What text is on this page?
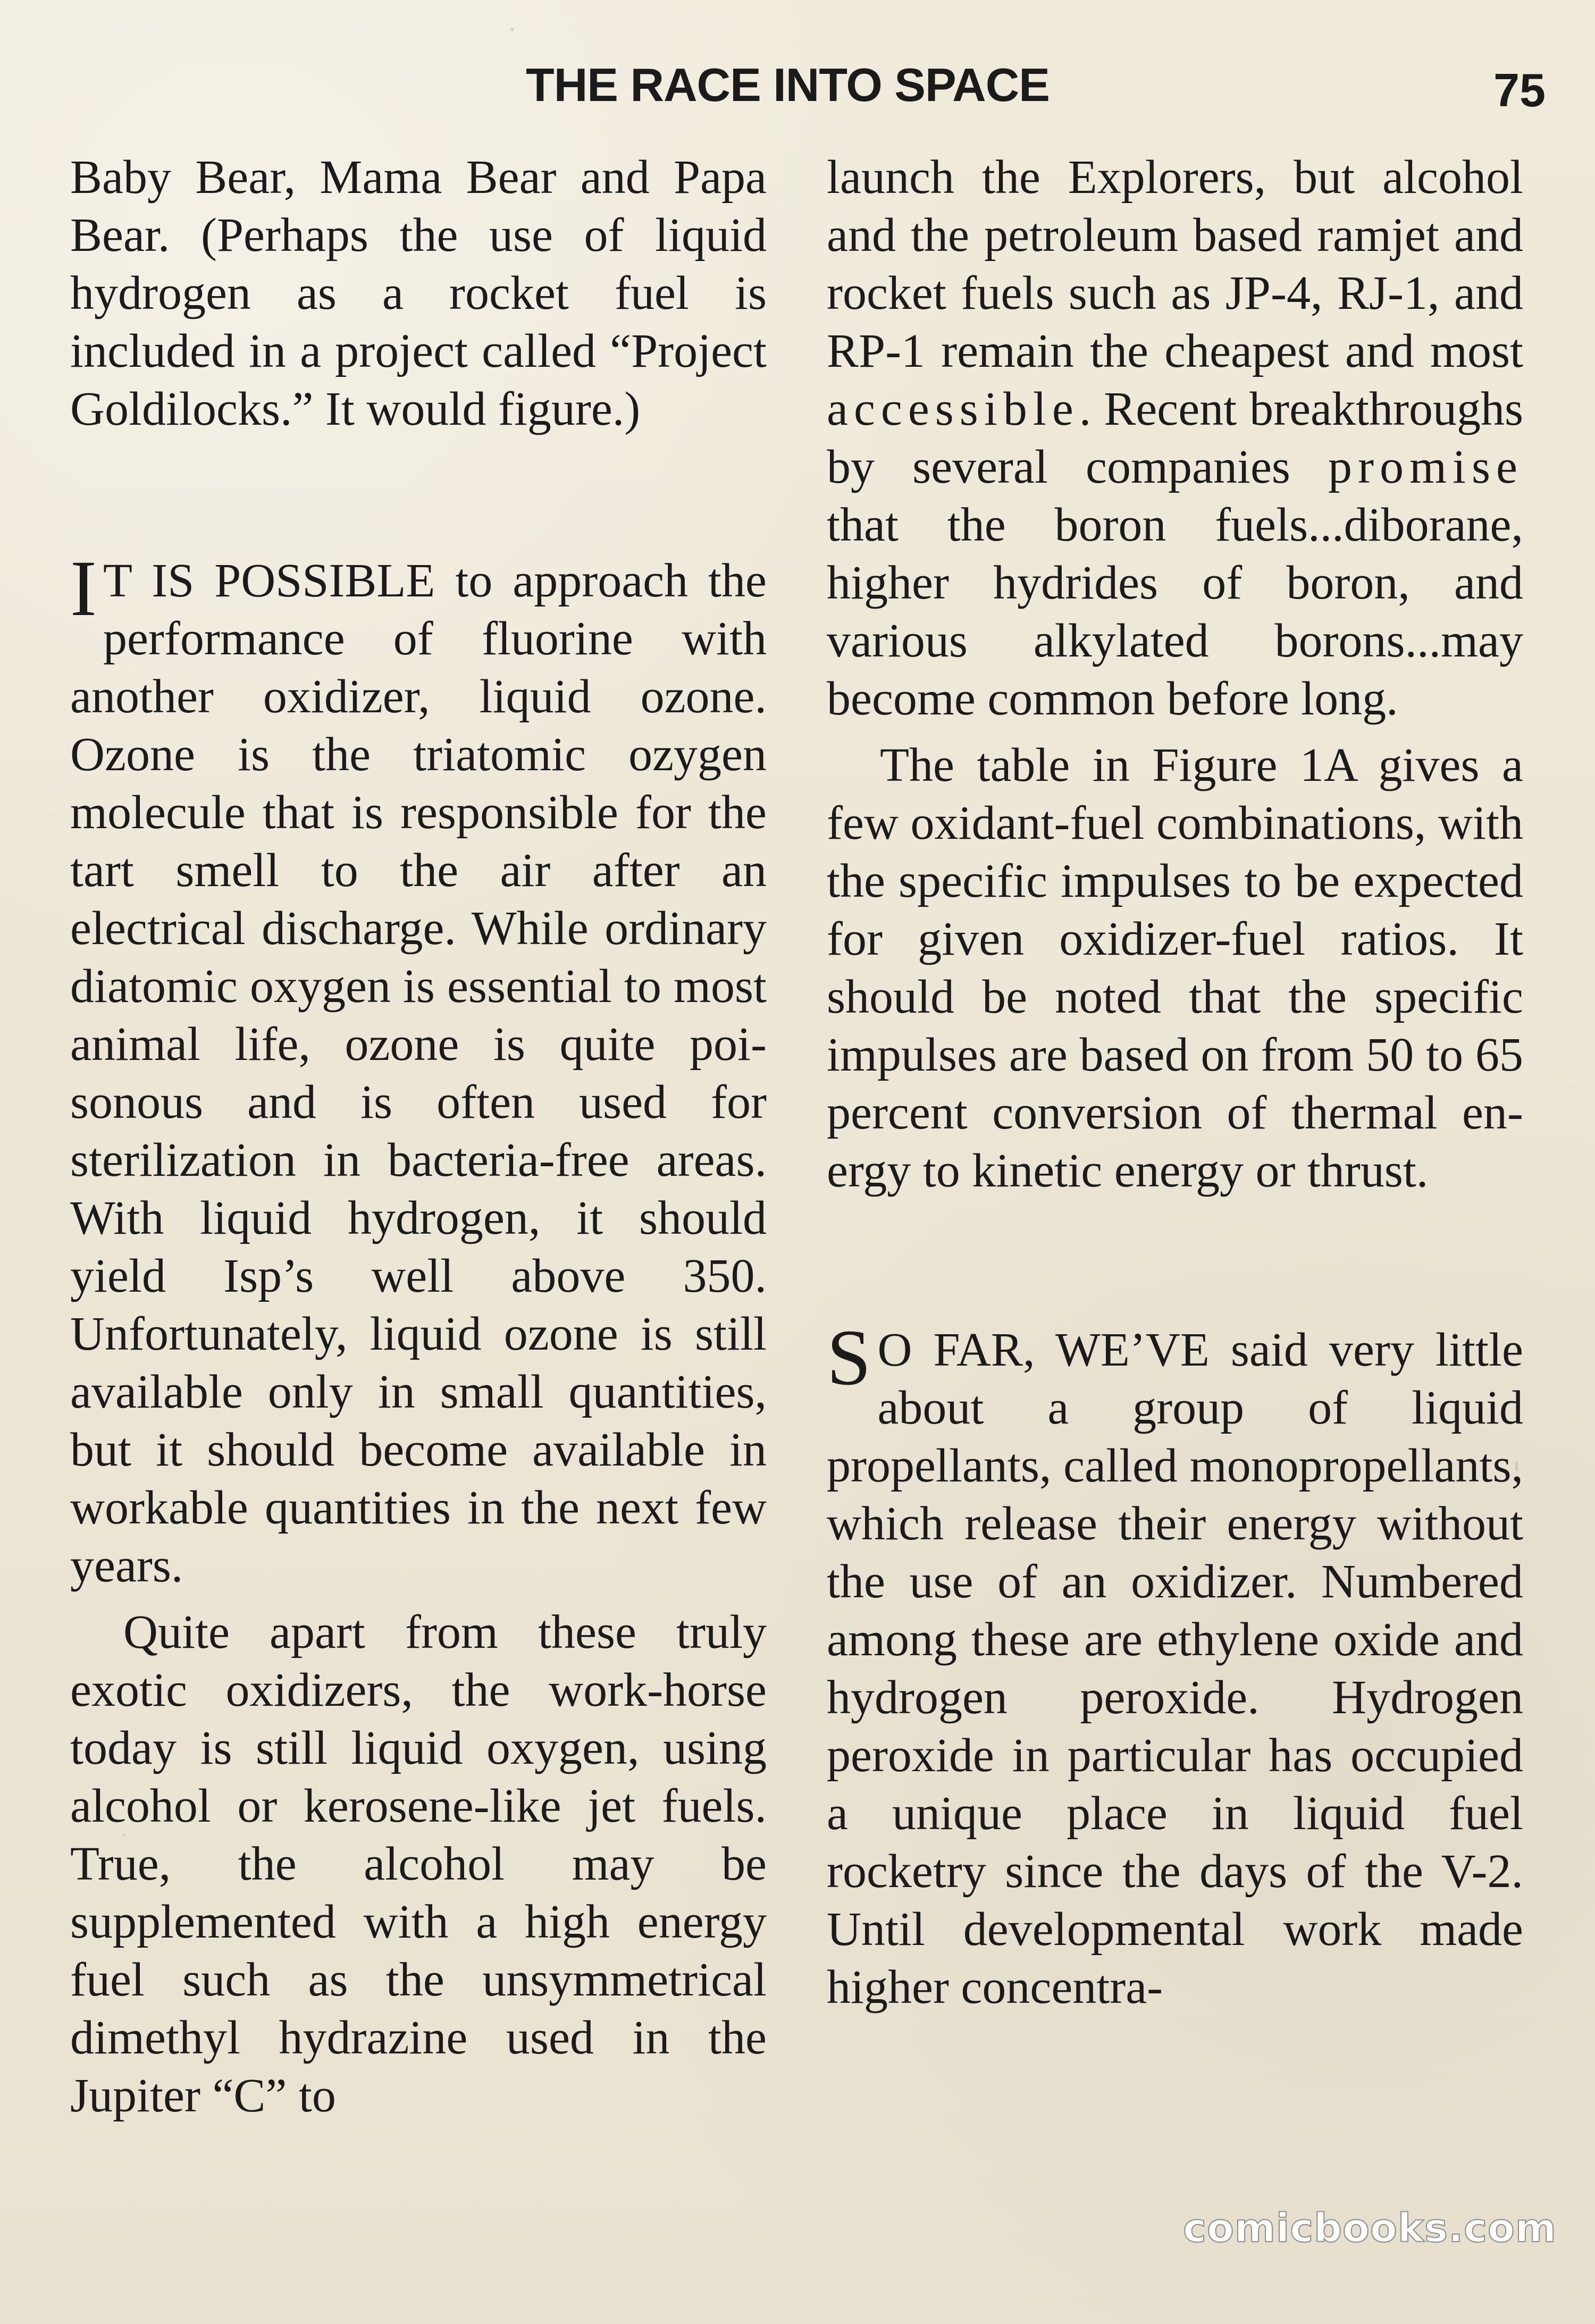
THE RACE INTO SPACE	75

Baby Bear, Mama Bear and Papa Bear. (Perhaps the use of liquid hydrogen as a rocket fuel is included in a project called “Project Goldilocks.” It would figure.)

I T IS POSSIBLE to approach the performance of fluorine with another oxidizer, liquid ozone. Ozone is the triatomic ozygen molecule that is responsible for the tart smell to the air after an electrical discharge. While ordinary diatomic oxygen is essential to most animal life, ozone is quite poisonous and is often used for sterilization in bacteria-free areas. With liquid hydrogen, it should yield Isp’s well above 350. Unfortunately, liquid ozone is still available only in small quantities, but it should become available in workable quantities in the next few years.

Quite apart from these truly exotic oxidizers, the work-horse today is still liquid oxygen, using alcohol or kerosene-like jet fuels. True, the alcohol may be supplemented with a high energy fuel such as the unsymmetrical dimethyl hydrazine used in the Jupiter “C” to

launch the Explorers, but alcohol and the petroleum based ramjet and rocket fuels such as JP-4, RJ-1, and RP-1 remain the cheapest and most accessible. Recent breakthroughs by several companies promise that the boron fuels...diborane, higher hydrides of boron, and various alkylated borons...may become common before long.

The table in Figure 1A gives a few oxidant-fuel combinations, with the specific impulses to be expected for given oxidizer-fuel ratios. It should be noted that the specific impulses are based on from 50 to 65 percent conversion of thermal energy to kinetic energy or thrust.

S O FAR, WE’VE said very little about a group of liquid propellants, called monopropellants, which release their energy without the use of an oxidizer. Numbered among these are ethylene oxide and hydrogen peroxide. Hydrogen peroxide in particular has occupied a unique place in liquid fuel rocketry since the days of the V-2. Until developmental work made higher concentra-

comicbooks.com
